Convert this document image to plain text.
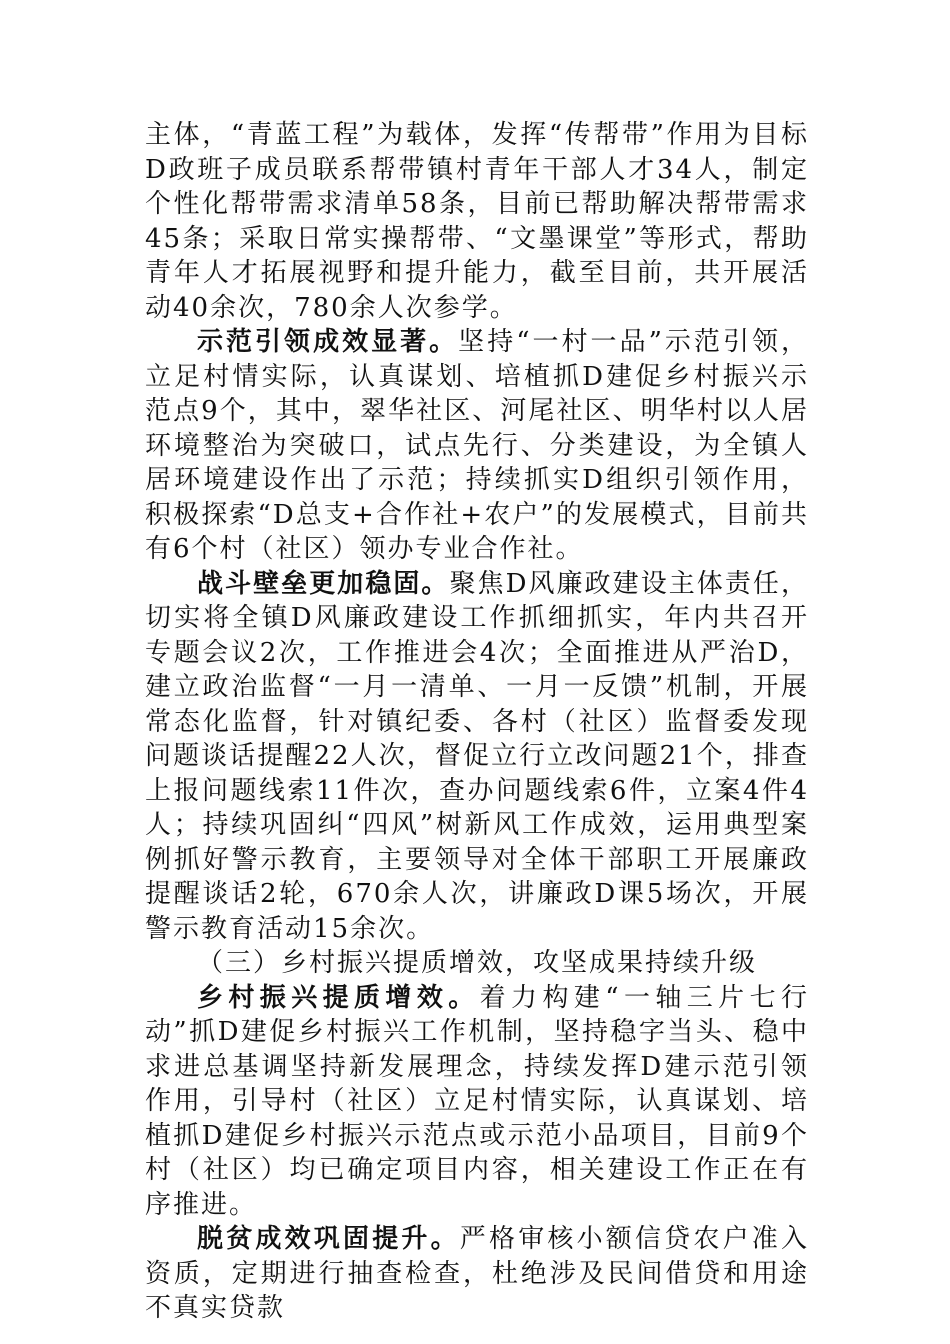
主体，“青蓝工程”为载体，发挥“传帮带”作用为目标D政班子成员联系帮带镇村青年干部人才34人，制定个性化帮带需求清单58条，目前已帮助解决帮带需求45条；采取日常实操帮带、“文墨课堂”等形式，帮助青年人才拓展视野和提升能力，截至目前，共开展活动40余次，780余人次参学。

示范引领成效显著。坚持“一村一品”示范引领，立足村情实际，认真谋划、培植抓D建促乡村振兴示范点9个，其中，翠华社区、河尾社区、明华村以人居环境整治为突破口，试点先行、分类建设，为全镇人居环境建设作出了示范；持续抓实D组织引领作用，积极探索“D总支+合作社+农户”的发展模式，目前共有6个村（社区）领办专业合作社。

战斗壁垒更加稳固。聚焦D风廉政建设主体责任，切实将全镇D风廉政建设工作抓细抓实，年内共召开专题会议2次，工作推进会4次；全面推进从严治D，建立政治监督“一月一清单、一月一反馈”机制，开展常态化监督，针对镇纪委、各村（社区）监督委发现问题谈话提醒22人次，督促立行立改问题21个，排查上报问题线索11件次，查办问题线索6件，立案4件4人；持续巩固纠“四风”树新风工作成效，运用典型案例抓好警示教育，主要领导对全体干部职工开展廉政提醒谈话2轮，670余人次，讲廉政D课5场次，开展警示教育活动15余次。

（三）乡村振兴提质增效，攻坚成果持续升级

乡村振兴提质增效。着力构建“一轴三片七行动”抓D建促乡村振兴工作机制，坚持稳字当头、稳中求进总基调坚持新发展理念，持续发挥D建示范引领作用，引导村（社区）立足村情实际，认真谋划、培植抓D建促乡村振兴示范点或示范小品项目，目前9个村（社区）均已确定项目内容，相关建设工作正在有序推进。

脱贫成效巩固提升。严格审核小额信贷农户准入资质，定期进行抽查检查，杜绝涉及民间借贷和用途不真实贷款
